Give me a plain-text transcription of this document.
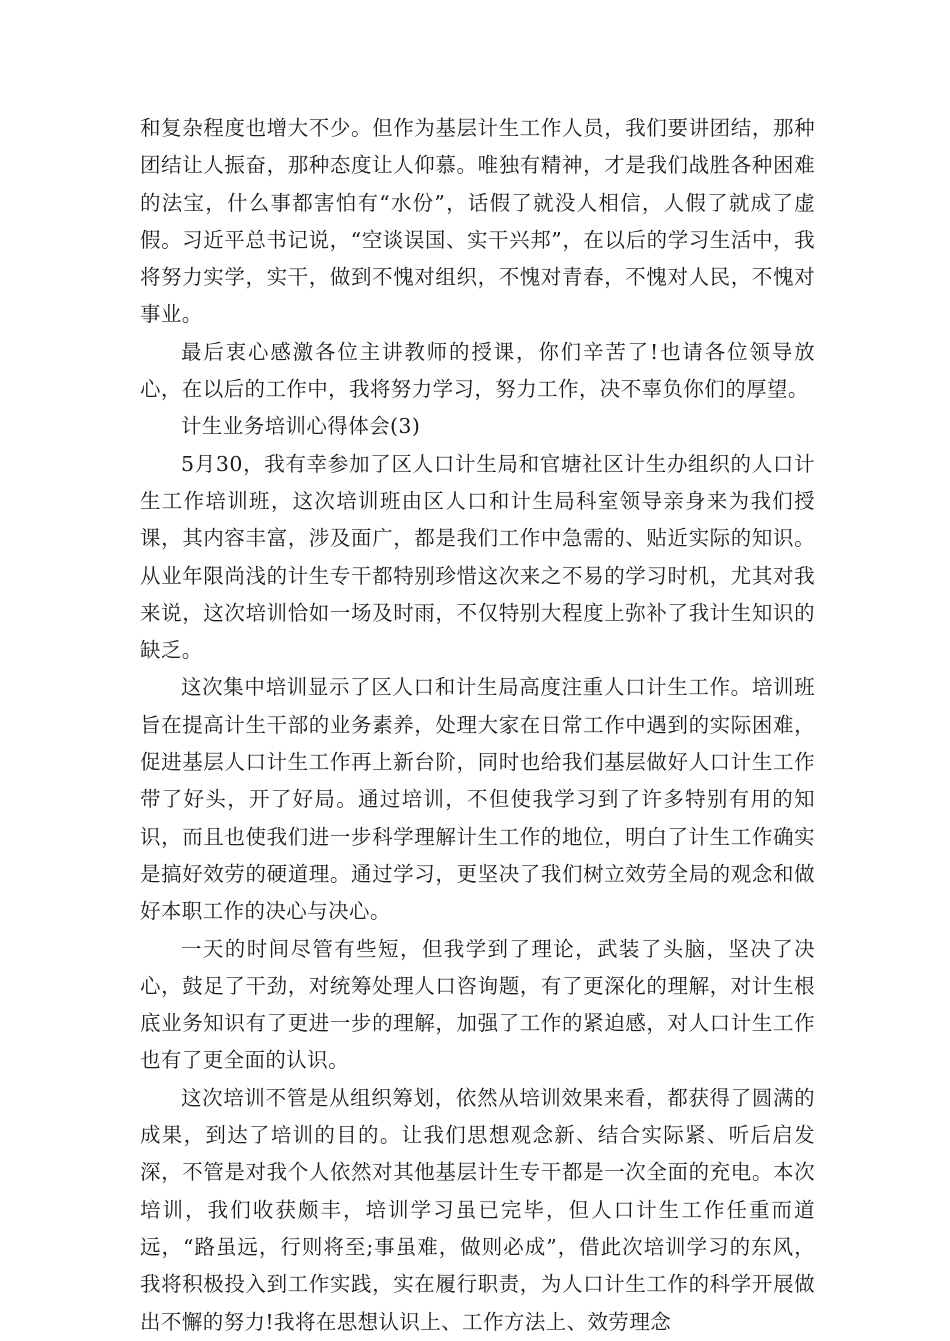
和复杂程度也增大不少。但作为基层计生工作人员，我们要讲团结，那种团结让人振奋，那种态度让人仰慕。唯独有精神，才是我们战胜各种困难的法宝，什么事都害怕有“水份”，话假了就没人相信，人假了就成了虚假。习近平总书记说，“空谈误国、实干兴邦”，在以后的学习生活中，我将努力实学，实干，做到不愧对组织，不愧对青春，不愧对人民，不愧对事业。

最后衷心感激各位主讲教师的授课，你们辛苦了!也请各位领导放心，在以后的工作中，我将努力学习，努力工作，决不辜负你们的厚望。

计生业务培训心得体会(3)

5月30，我有幸参加了区人口计生局和官塘社区计生办组织的人口计生工作培训班，这次培训班由区人口和计生局科室领导亲身来为我们授课，其内容丰富，涉及面广，都是我们工作中急需的、贴近实际的知识。从业年限尚浅的计生专干都特别珍惜这次来之不易的学习时机，尤其对我来说，这次培训恰如一场及时雨，不仅特别大程度上弥补了我计生知识的缺乏。

这次集中培训显示了区人口和计生局高度注重人口计生工作。培训班旨在提高计生干部的业务素养，处理大家在日常工作中遇到的实际困难，促进基层人口计生工作再上新台阶，同时也给我们基层做好人口计生工作带了好头，开了好局。通过培训，不但使我学习到了许多特别有用的知识，而且也使我们进一步科学理解计生工作的地位，明白了计生工作确实是搞好效劳的硬道理。通过学习，更坚决了我们树立效劳全局的观念和做好本职工作的决心与决心。

一天的时间尽管有些短，但我学到了理论，武装了头脑，坚决了决心，鼓足了干劲，对统筹处理人口咨询题，有了更深化的理解，对计生根底业务知识有了更进一步的理解，加强了工作的紧迫感，对人口计生工作也有了更全面的认识。

这次培训不管是从组织筹划，依然从培训效果来看，都获得了圆满的成果，到达了培训的目的。让我们思想观念新、结合实际紧、听后启发深，不管是对我个人依然对其他基层计生专干都是一次全面的充电。本次培训，我们收获颇丰，培训学习虽已完毕，但人口计生工作任重而道远，“路虽远，行则将至;事虽难，做则必成”，借此次培训学习的东风，我将积极投入到工作实践，实在履行职责，为人口计生工作的科学开展做出不懈的努力!我将在思想认识上、工作方法上、效劳理念
